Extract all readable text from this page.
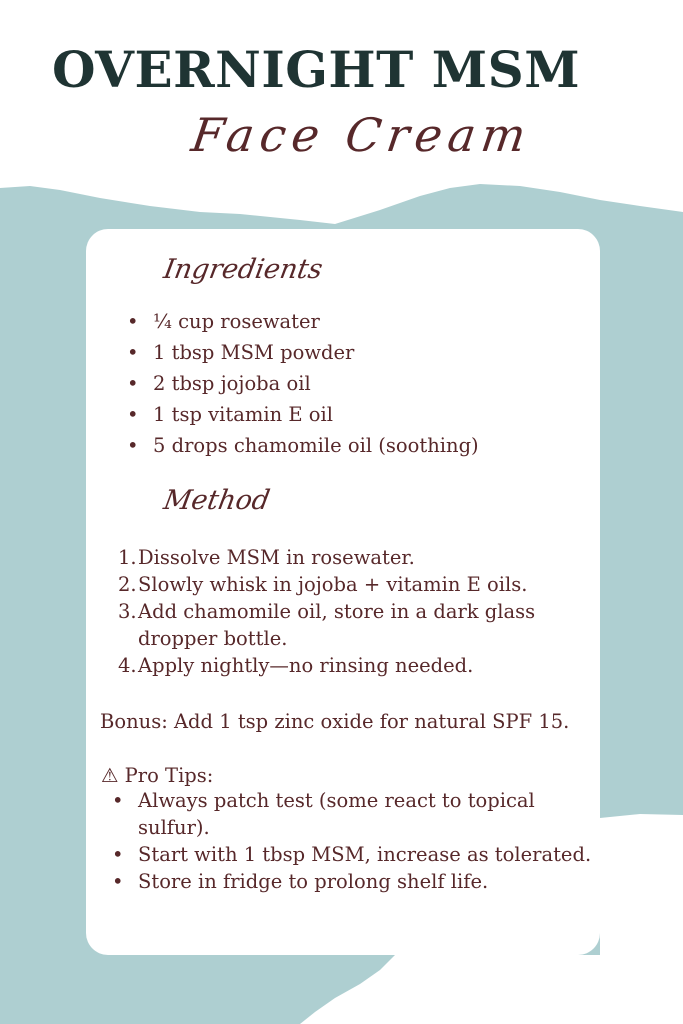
OVERNIGHT MSM
Face Cream
Ingredients
• ¼ cup rosewater
• 1 tbsp MSM powder
• 2 tbsp jojoba oil
• 1 tsp vitamin E oil
• 5 drops chamomile oil (soothing)
Method
1. Dissolve MSM in rosewater.
2. Slowly whisk in jojoba + vitamin E oils.
3. Add chamomile oil, store in a dark glass dropper bottle.
4. Apply nightly—no rinsing needed.
Bonus: Add 1 tsp zinc oxide for natural SPF 15.
⚠ Pro Tips:
• Always patch test (some react to topical sulfur).
• Start with 1 tbsp MSM, increase as tolerated.
• Store in fridge to prolong shelf life.
